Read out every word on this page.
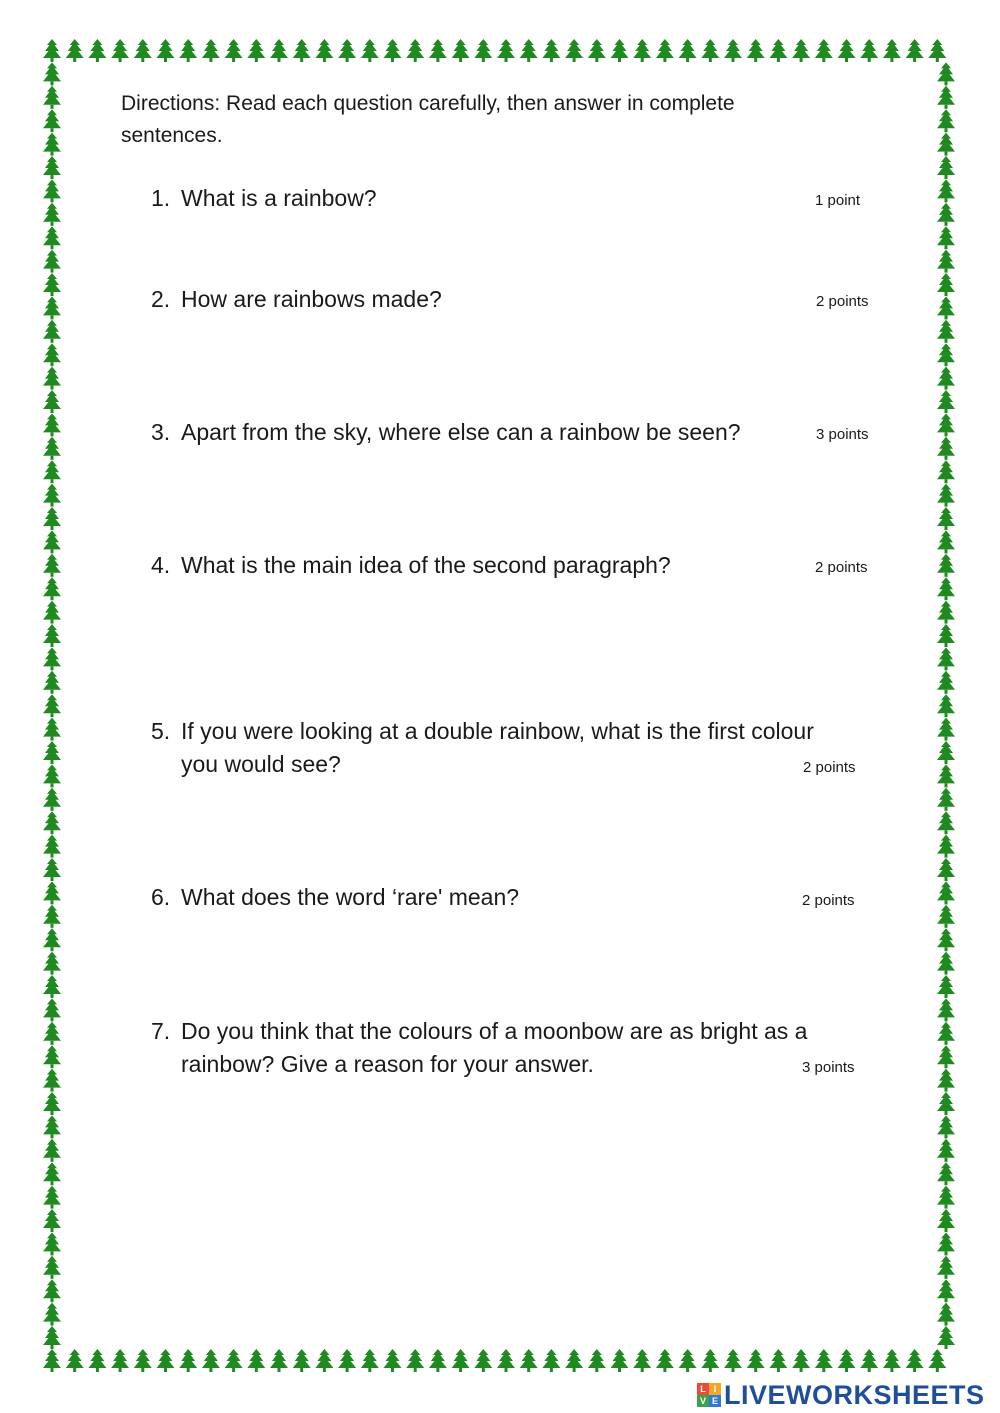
Directions: Read each question carefully, then answer in complete sentences.

1. What is a rainbow?	1 point
2. How are rainbows made?	2 points
3. Apart from the sky, where else can a rainbow be seen?	3 points
4. What is the main idea of the second paragraph?	2 points
5. If you were looking at a double rainbow, what is the first colour
you would see?	2 points
6. What does the word ‘rare' mean?	2 points
7. Do you think that the colours of a moonbow are as bright as a
rainbow? Give a reason for your answer.	3 points
L I
V E LIVEWORKSHEETS
